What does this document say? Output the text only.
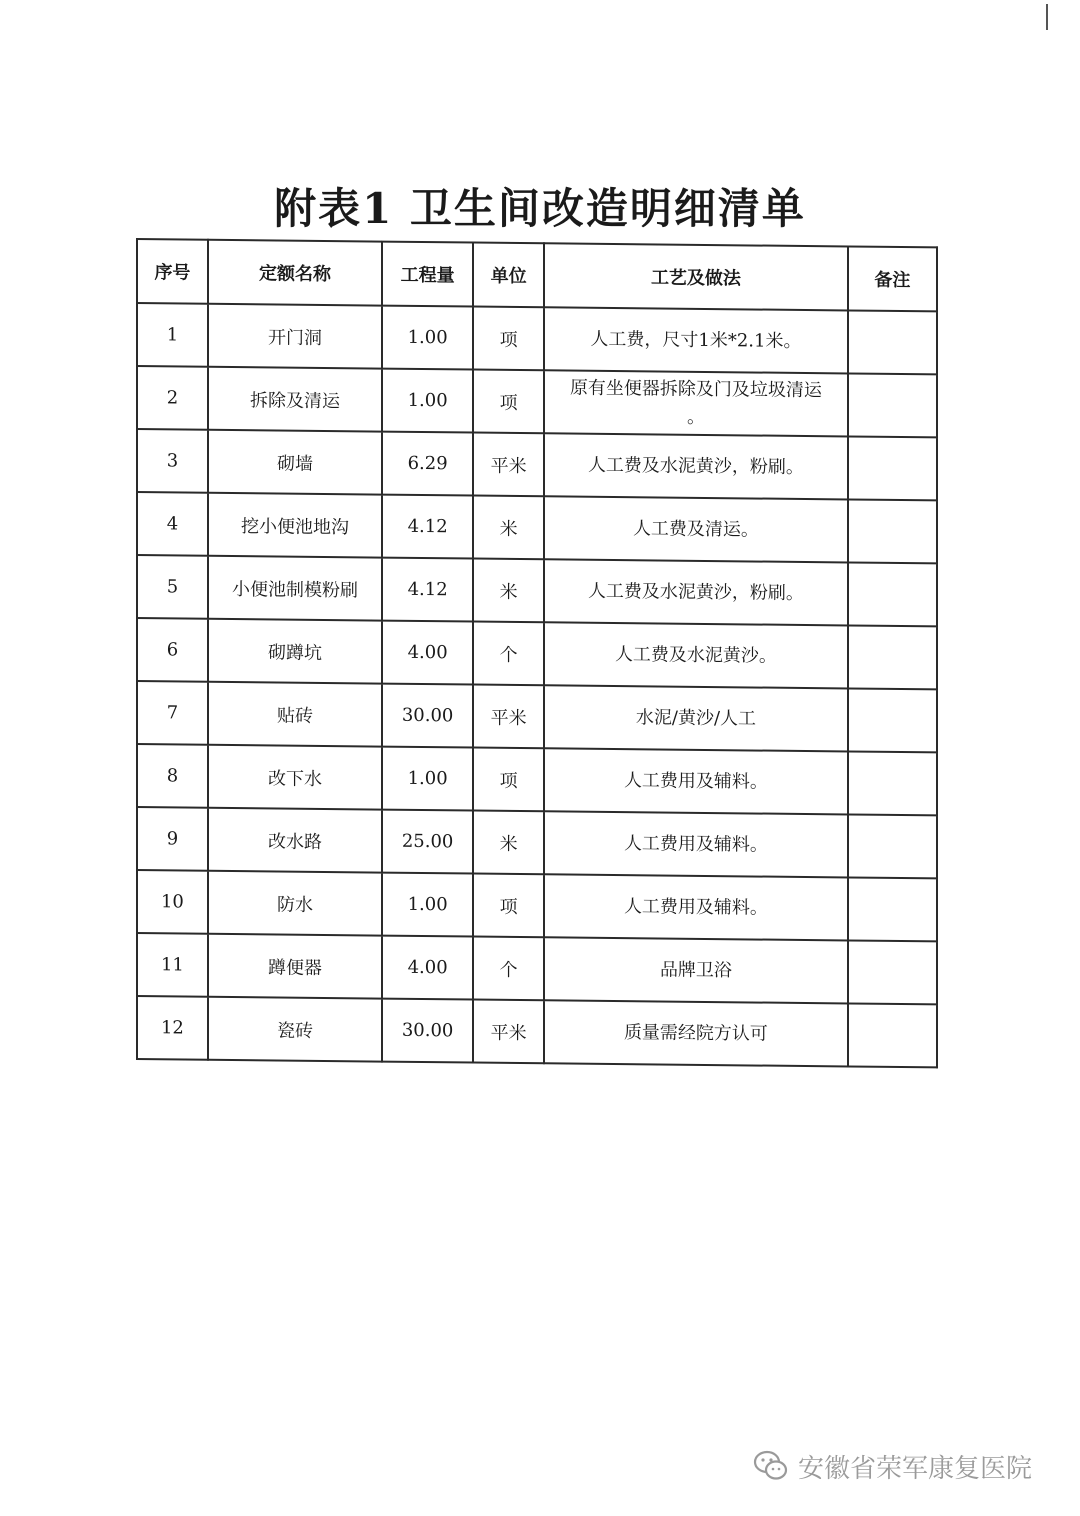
附表1 卫生间改造明细清单
序号	定额名称	工程量	单位	工艺及做法	备注
1	开门洞	1.00	项	人工费，尺寸1米*2.1米。	
2	拆除及清运	1.00	项	原有坐便器拆除及门及垃圾清运
。	
3	砌墙	6.29	平米	人工费及水泥黄沙，粉刷。	
4	挖小便池地沟	4.12	米	人工费及清运。	
5	小便池制模粉刷	4.12	米	人工费及水泥黄沙，粉刷。	
6	砌蹲坑	4.00	个	人工费及水泥黄沙。	
7	贴砖	30.00	平米	水泥/黄沙/人工	
8	改下水	1.00	项	人工费用及辅料。	
9	改水路	25.00	米	人工费用及辅料。	
10	防水	1.00	项	人工费用及辅料。	
11	蹲便器	4.00	个	品牌卫浴	
12	瓷砖	30.00	平米	质量需经院方认可	
安徽省荣军康复医院
